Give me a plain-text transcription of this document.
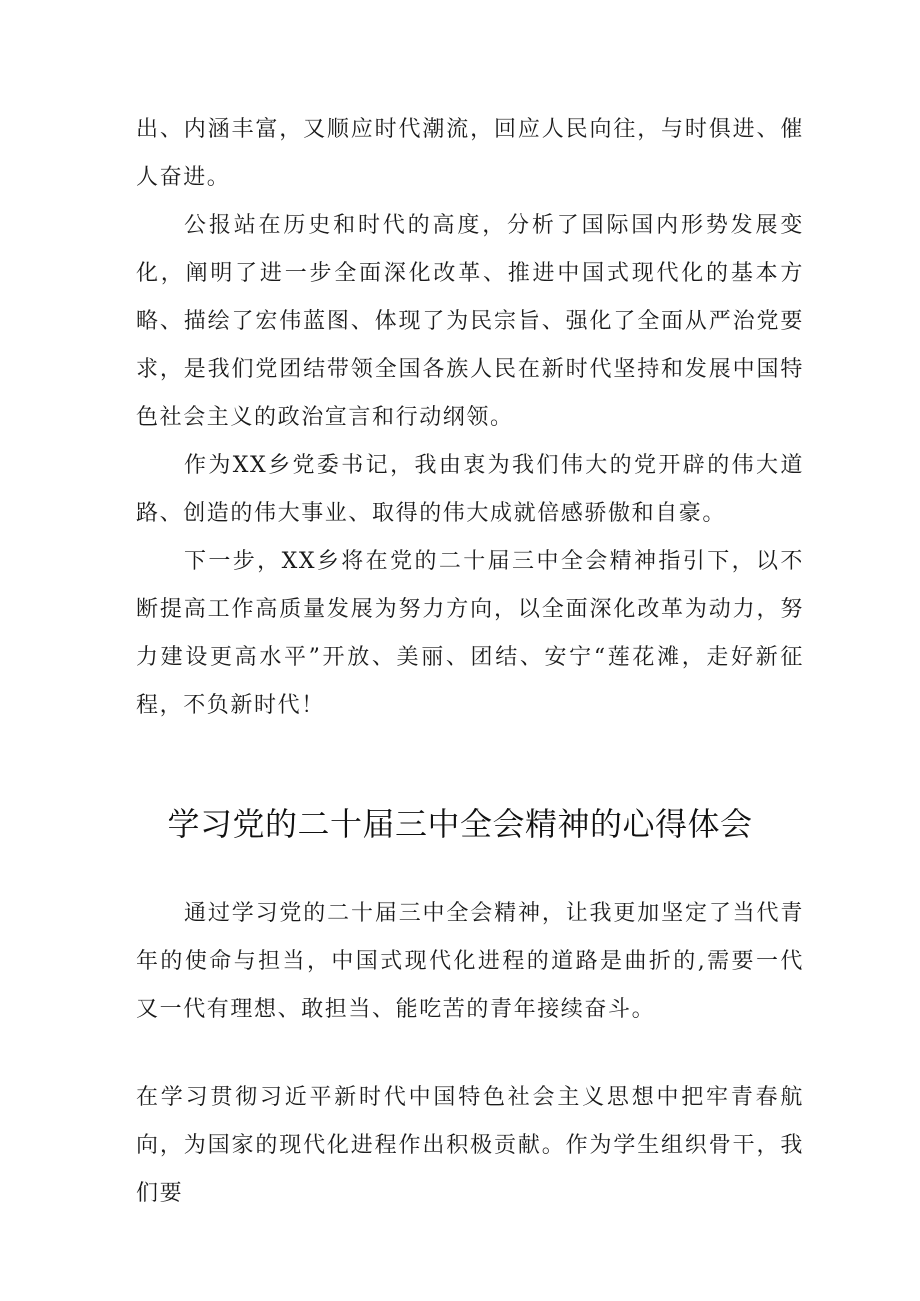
出、内涵丰富，又顺应时代潮流，回应人民向往，与时俱进、催人奋进。

公报站在历史和时代的高度，分析了国际国内形势发展变化，阐明了进一步全面深化改革、推进中国式现代化的基本方略、描绘了宏伟蓝图、体现了为民宗旨、强化了全面从严治党要求，是我们党团结带领全国各族人民在新时代坚持和发展中国特色社会主义的政治宣言和行动纲领。

作为XX乡党委书记，我由衷为我们伟大的党开辟的伟大道路、创造的伟大事业、取得的伟大成就倍感骄傲和自豪。

下一步，XX乡将在党的二十届三中全会精神指引下，以不断提高工作高质量发展为努力方向，以全面深化改革为动力，努力建设更高水平”开放、美丽、团结、安宁“莲花滩，走好新征程，不负新时代！

学习党的二十届三中全会精神的心得体会

通过学习党的二十届三中全会精神，让我更加坚定了当代青年的使命与担当，中国式现代化进程的道路是曲折的,需要一代又一代有理想、敢担当、能吃苦的青年接续奋斗。

在学习贯彻习近平新时代中国特色社会主义思想中把牢青春航向，为国家的现代化进程作出积极贡献。作为学生组织骨干，我们要
